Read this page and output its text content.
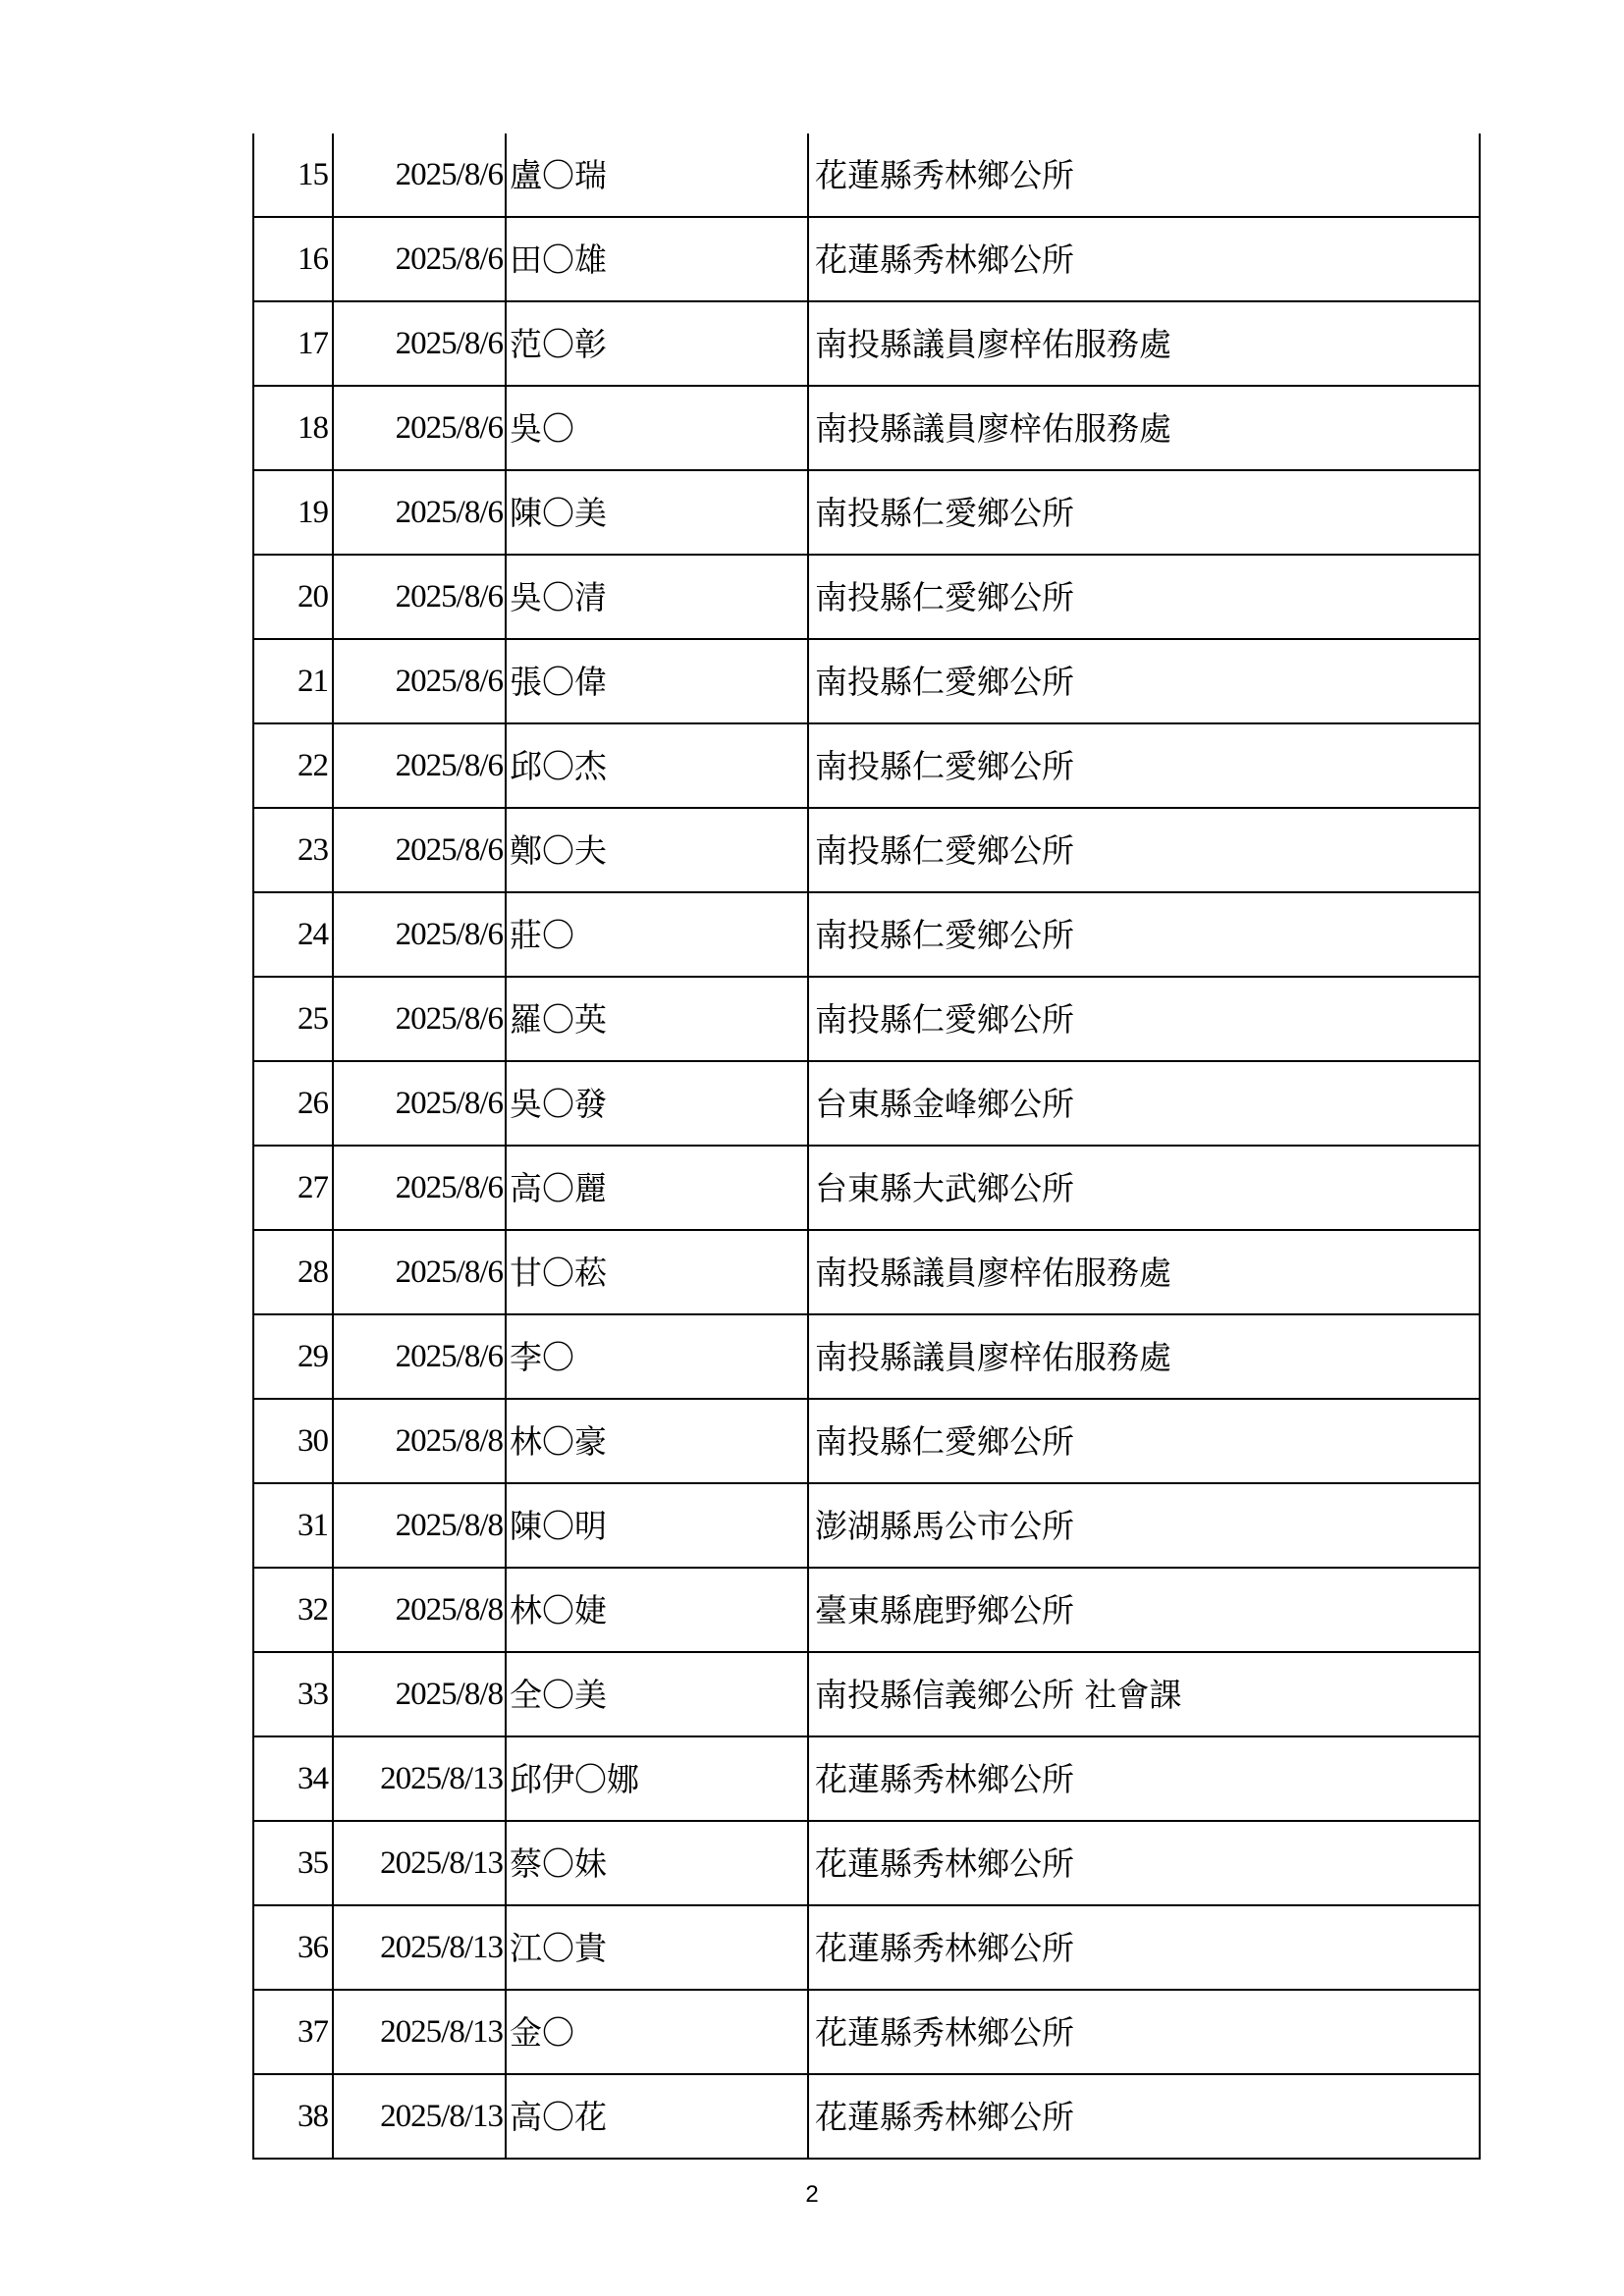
15	2025/8/6	盧〇瑞	花蓮縣秀林鄉公所
16	2025/8/6	田〇雄	花蓮縣秀林鄉公所
17	2025/8/6	范〇彰	南投縣議員廖梓佑服務處
18	2025/8/6	吳〇	南投縣議員廖梓佑服務處
19	2025/8/6	陳〇美	南投縣仁愛鄉公所
20	2025/8/6	吳〇清	南投縣仁愛鄉公所
21	2025/8/6	張〇偉	南投縣仁愛鄉公所
22	2025/8/6	邱〇杰	南投縣仁愛鄉公所
23	2025/8/6	鄭〇夫	南投縣仁愛鄉公所
24	2025/8/6	莊〇	南投縣仁愛鄉公所
25	2025/8/6	羅〇英	南投縣仁愛鄉公所
26	2025/8/6	吳〇發	台東縣金峰鄉公所
27	2025/8/6	高〇麗	台東縣大武鄉公所
28	2025/8/6	甘〇菘	南投縣議員廖梓佑服務處
29	2025/8/6	李〇	南投縣議員廖梓佑服務處
30	2025/8/8	林〇豪	南投縣仁愛鄉公所
31	2025/8/8	陳〇明	澎湖縣馬公市公所
32	2025/8/8	林〇婕	臺東縣鹿野鄉公所
33	2025/8/8	全〇美	南投縣信義鄉公所 社會課
34	2025/8/13	邱伊〇娜	花蓮縣秀林鄉公所
35	2025/8/13	蔡〇妹	花蓮縣秀林鄉公所
36	2025/8/13	江〇貴	花蓮縣秀林鄉公所
37	2025/8/13	金〇	花蓮縣秀林鄉公所
38	2025/8/13	高〇花	花蓮縣秀林鄉公所
2
